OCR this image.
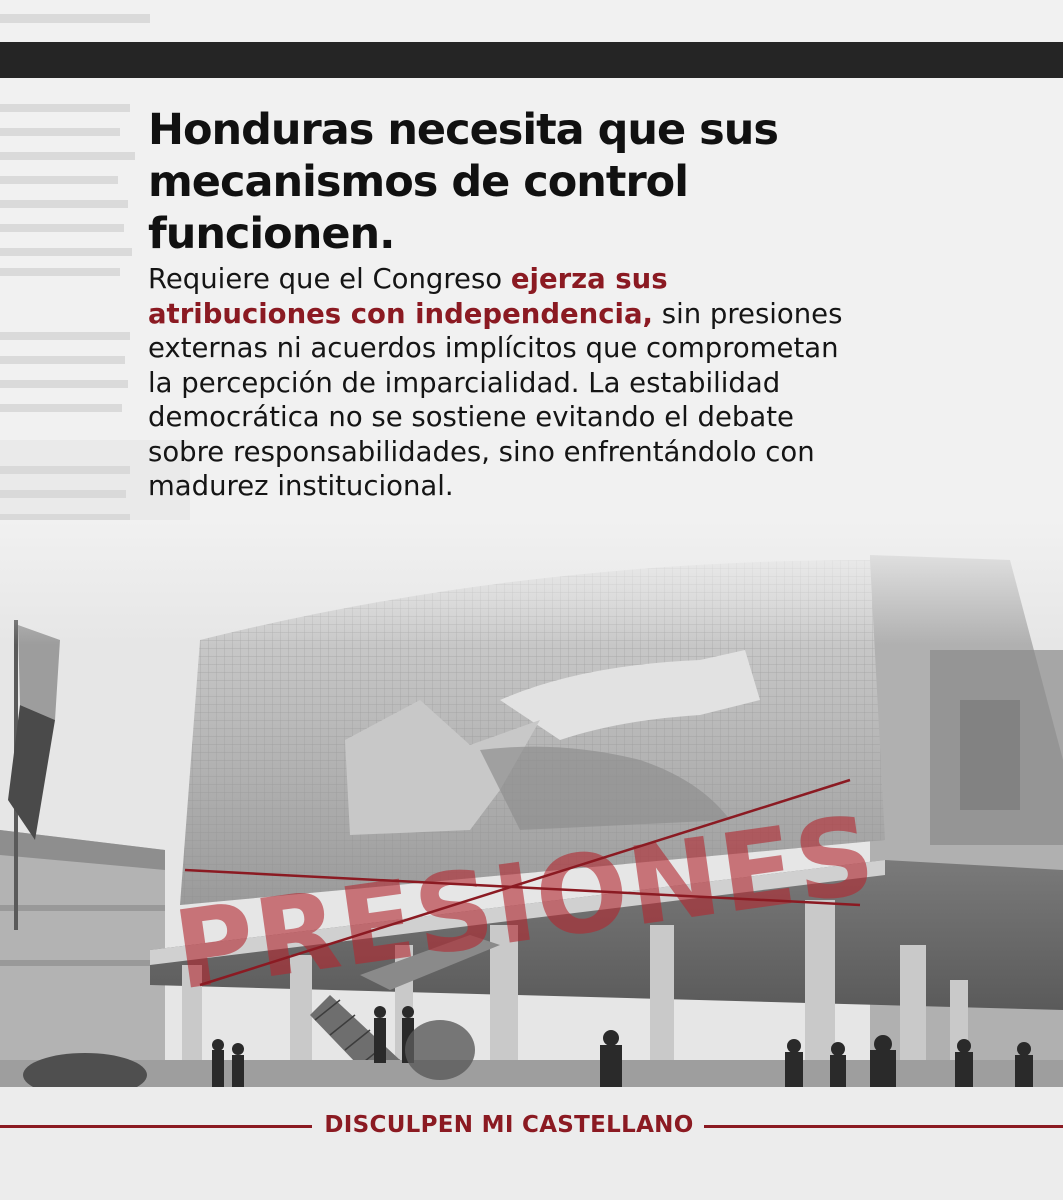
Honduras necesita que sus mecanismos de control funcionen.

Requiere que el Congreso ejerza sus atribuciones con independencia, sin presiones externas ni acuerdos implícitos que comprometan la percepción de imparcialidad. La estabilidad democrática no se sostiene evitando el debate sobre responsabilidades, sino enfrentándolo con madurez institucional.

DISCULPEN MI CASTELLANO
